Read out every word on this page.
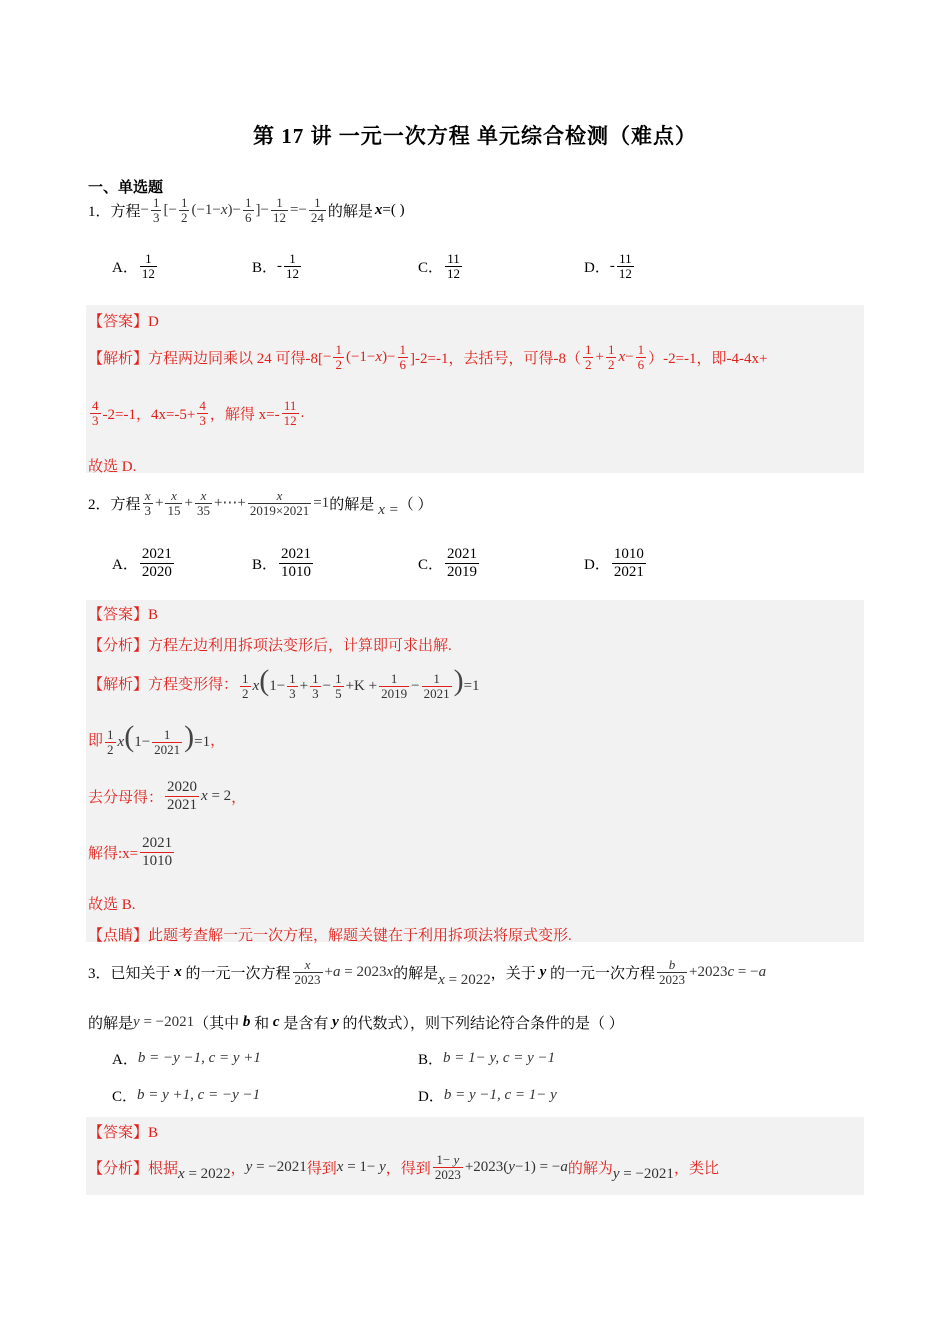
第 17 讲 一元一次方程 单元综合检测（难点）
一、单选题
1．方程 − $\frac{1}{3}$ [− $\frac{1}{2} (-1-x)- \frac{1}{6}$ ]− $\frac{1}{12} =- \frac{1}{24}$ 的解是 x =( )
A． $\frac{1}{12}$	B． - $\frac{1}{12}$	C． $\frac{11}{12}$	D． - $\frac{11}{12}$
【答案】D
【解析】方程两边同乘以 24 可得$-8[ - \frac{1}{2} (-1- x$ )− $\frac{1}{6} ]-2=-1$，去括号，可得$-8( \frac{1}{2} + \frac{1}{2}$ $x - \frac{1}{6} )-2=-1$，即-4-4x+
$\frac{4}{3} -2=-1$，$4x=-5+ \frac{4}{3}$ ，解得 $x=- \frac{11}{12}$ .
故选 D.
2．方程 $\frac{x}{3} + \frac{x}{15} + \frac{x}{35}$ +⋯+ $\frac{x}{2019\times 2021} =1$ 的解是 x = （ ）
A． $\frac{2021}{2020}$	B． $\frac{2021}{1010}$	C． $\frac{2021}{2019}$	D． $\frac{1010}{2021}$
【答案】B
【分析】方程左边利用拆项法变形后，计算即可求出解.
【解析】方程变形得： $\frac{1}{2} x(1- \frac{1}{3} + \frac{1}{3} - \frac{1}{5} +K + \frac{1}{2019} - \frac{1}{2021} )=1$
即 $\frac{1}{2} x(1- \frac{1}{2021} )=1$ ，
去分母得： $\frac{2020}{2021}$ x = 2 ，
解得:x= $\frac{2021}{1010}$
故选 B.
【点睛】此题考查解一元一次方程，解题关键在于利用拆项法将原式变形.
3．已知关于 x 的一元一次方程 $\frac{x}{2023} +a = 2023x$ 的解是 x = 2022 ，关于 y 的一元一次方程 $\frac{b}{2023} +2023c = -a$
的解是 y = −2021 （其中 b 和 c 是含有 y 的代数式），则下列结论符合条件的是（ ）
A． b = −y −1, c = y +1	B． b = 1− y, c = y −1
C． b = y +1, c = −y −1	D． b = y −1, c = 1− y
【答案】B
【分析】根据 x = 2022 ， y = −2021 得到 x = 1− y ，得到 $\frac{1- y}{2023} +2023(y-1) = -a$ 的解为 y = −2021 ，类比
